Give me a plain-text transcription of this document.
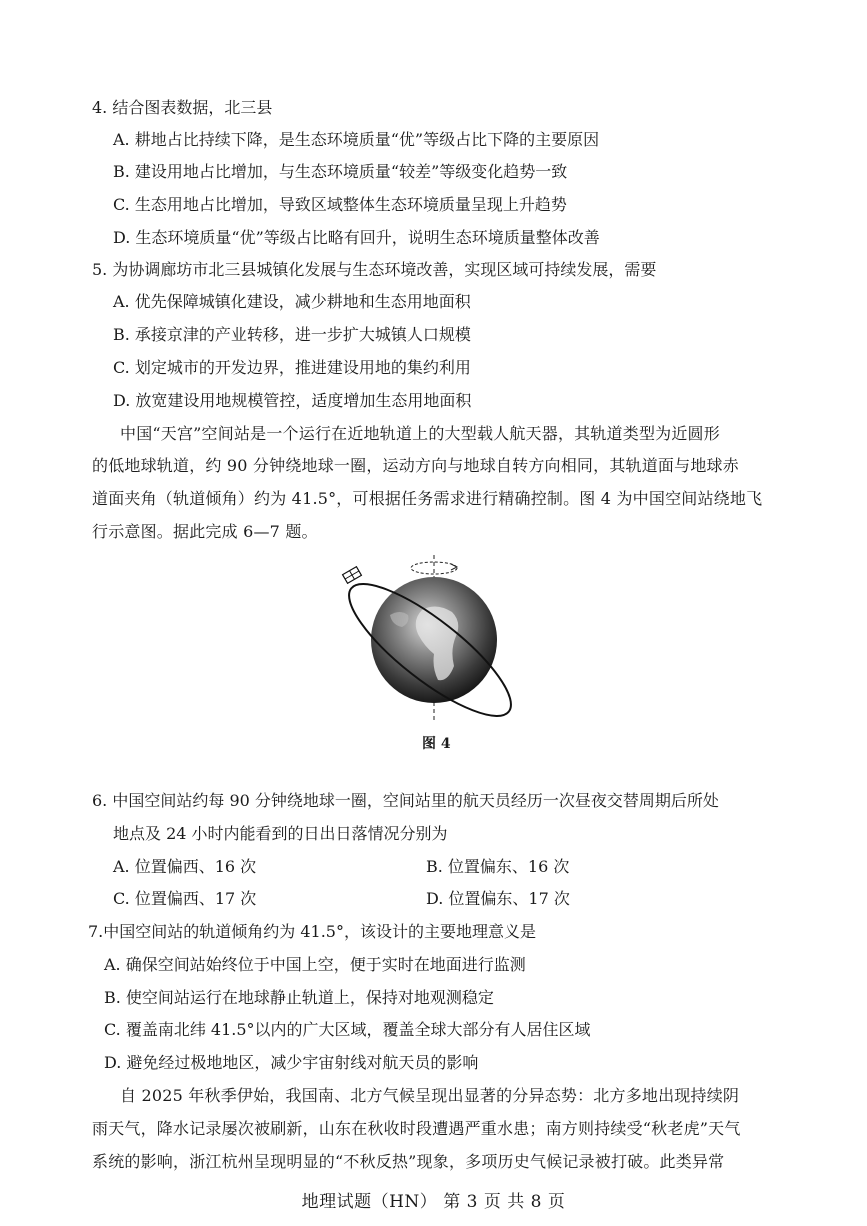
4. 结合图表数据，北三县
A. 耕地占比持续下降，是生态环境质量“优”等级占比下降的主要原因
B. 建设用地占比增加，与生态环境质量“较差”等级变化趋势一致
C. 生态用地占比增加，导致区域整体生态环境质量呈现上升趋势
D. 生态环境质量“优”等级占比略有回升，说明生态环境质量整体改善
5. 为协调廊坊市北三县城镇化发展与生态环境改善，实现区域可持续发展，需要
A. 优先保障城镇化建设，减少耕地和生态用地面积
B. 承接京津的产业转移，进一步扩大城镇人口规模
C. 划定城市的开发边界，推进建设用地的集约利用
D. 放宽建设用地规模管控，适度增加生态用地面积
中国“天宫”空间站是一个运行在近地轨道上的大型载人航天器，其轨道类型为近圆形
的低地球轨道，约 90 分钟绕地球一圈，运动方向与地球自转方向相同，其轨道面与地球赤
道面夹角（轨道倾角）约为 41.5°，可根据任务需求进行精确控制。图 4 为中国空间站绕地飞
行示意图。据此完成 6—7 题。
图 4
6. 中国空间站约每 90 分钟绕地球一圈，空间站里的航天员经历一次昼夜交替周期后所处
地点及 24 小时内能看到的日出日落情况分别为
A. 位置偏西、16 次	B. 位置偏东、16 次
C. 位置偏西、17 次	D. 位置偏东、17 次
7.中国空间站的轨道倾角约为 41.5°，该设计的主要地理意义是
A. 确保空间站始终位于中国上空，便于实时在地面进行监测
B. 使空间站运行在地球静止轨道上，保持对地观测稳定
C. 覆盖南北纬 41.5°以内的广大区域，覆盖全球大部分有人居住区域
D. 避免经过极地地区，减少宇宙射线对航天员的影响
自 2025 年秋季伊始，我国南、北方气候呈现出显著的分异态势：北方多地出现持续阴
雨天气，降水记录屡次被刷新，山东在秋收时段遭遇严重水患；南方则持续受“秋老虎”天气
系统的影响，浙江杭州呈现明显的“不秋反热”现象，多项历史气候记录被打破。此类异常
地理试题（HN） 第 3 页 共 8 页
